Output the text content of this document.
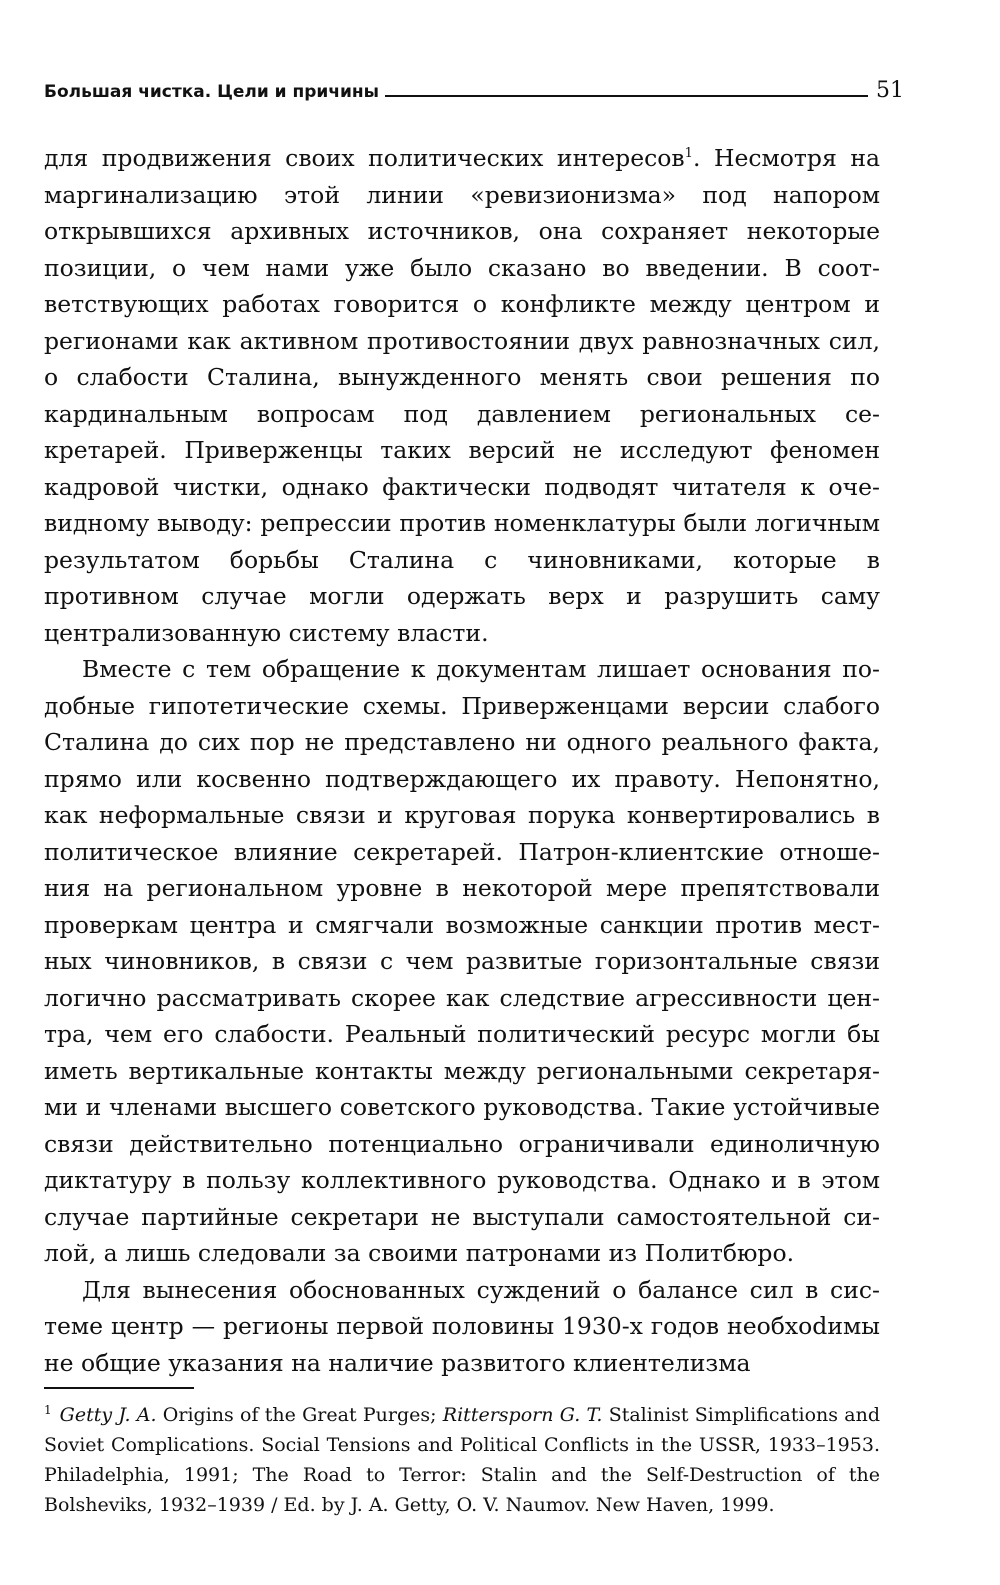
Большая чистка. Цели и причины	51

для продвижения своих политических интересов$^1$. Несмотря на маргинализацию этой линии «ревизионизма» под напором открывшихся архивных источников, она сохраняет некоторые позиции, о чем нами уже было сказано во введении. В соответствующих работах говорится о конфликте между центром и регионами как активном противостоянии двух равнозначных сил, о слабости Сталина, вынужденного менять свои решения по кардинальным вопросам под давлением региональных секретарей. Приверженцы таких версий не исследуют феномен кадровой чистки, однако фактически подводят читателя к очевидному выводу: репрессии против номенклатуры были логичным результатом борьбы Сталина с чиновниками, которые в противном случае могли одержать верх и разрушить саму централизованную систему власти.

Вместе с тем обращение к документам лишает основания подобные гипотетические схемы. Приверженцами версии слабого Сталина до сих пор не представлено ни одного реального факта, прямо или косвенно подтверждающего их правоту. Непонятно, как неформальные связи и круговая порука конвертировались в политическое влияние секретарей. Патрон-клиентские отношения на региональном уровне в некоторой мере препятствовали проверкам центра и смягчали возможные санкции против местных чиновников, в связи с чем развитые горизонтальные связи логично рассматривать скорее как следствие агрессивности центра, чем его слабости. Реальный политический ресурс могли бы иметь вертикальные контакты между региональными секретарями и членами высшего советского руководства. Такие устойчивые связи действительно потенциально ограничивали единоличную диктатуру в пользу коллективного руководства. Однако и в этом случае партийные секретари не выступали самостоятельной силой, а лишь следовали за своими патронами из Политбюро.

Для вынесения обоснованных суждений о балансе сил в системе центр — регионы первой половины 1930-х годов необхоdимы не общие указания на наличие развитого клиентелизма

$^1$ Getty J. A. Origins of the Great Purges; Rittersporn G. T. Stalinist Simplifications and Soviet Complications. Social Tensions and Political Conflicts in the USSR, 1933–1953. Philadelphia, 1991; The Road to Terror: Stalin and the Self-Destruction of the Bolsheviks, 1932–1939 / Ed. by J. A. Getty, O. V. Naumov. New Haven, 1999.
